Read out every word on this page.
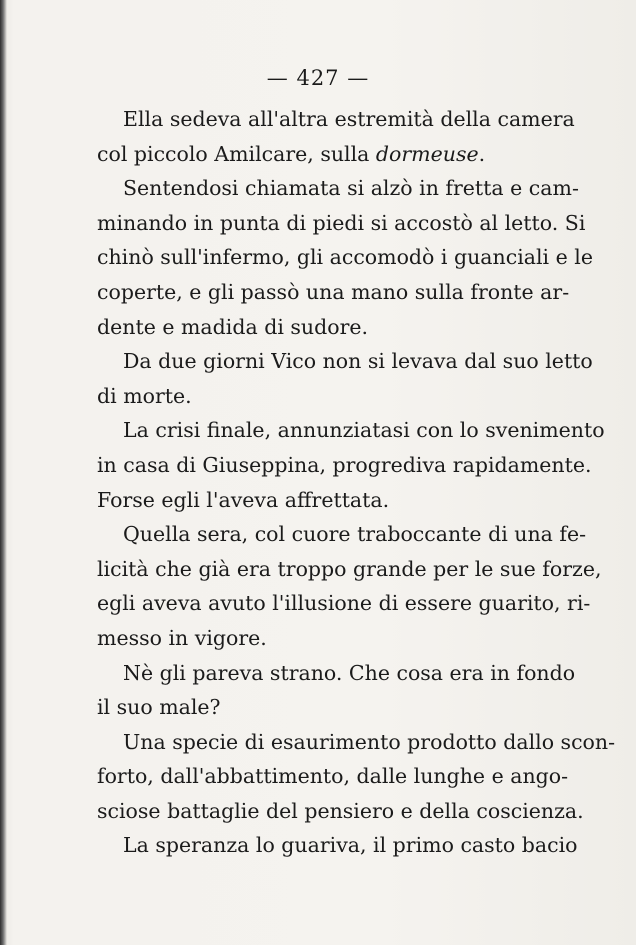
— 427 —
Ella sedeva all'altra estremità della camera
col piccolo Amilcare, sulla dormeuse.
Sentendosi chiamata si alzò in fretta e cam-
minando in punta di piedi si accostò al letto. Si
chinò sull'infermo, gli accomodò i guanciali e le
coperte, e gli passò una mano sulla fronte ar-
dente e madida di sudore.
Da due giorni Vico non si levava dal suo letto
di morte.
La crisi finale, annunziatasi con lo svenimento
in casa di Giuseppina, progrediva rapidamente.
Forse egli l'aveva affrettata.
Quella sera, col cuore traboccante di una fe-
licità che già era troppo grande per le sue forze,
egli aveva avuto l'illusione di essere guarito, ri-
messo in vigore.
Nè gli pareva strano. Che cosa era in fondo
il suo male?
Una specie di esaurimento prodotto dallo scon-
forto, dall'abbattimento, dalle lunghe e ango-
sciose battaglie del pensiero e della coscienza.
La speranza lo guariva, il primo casto bacio
